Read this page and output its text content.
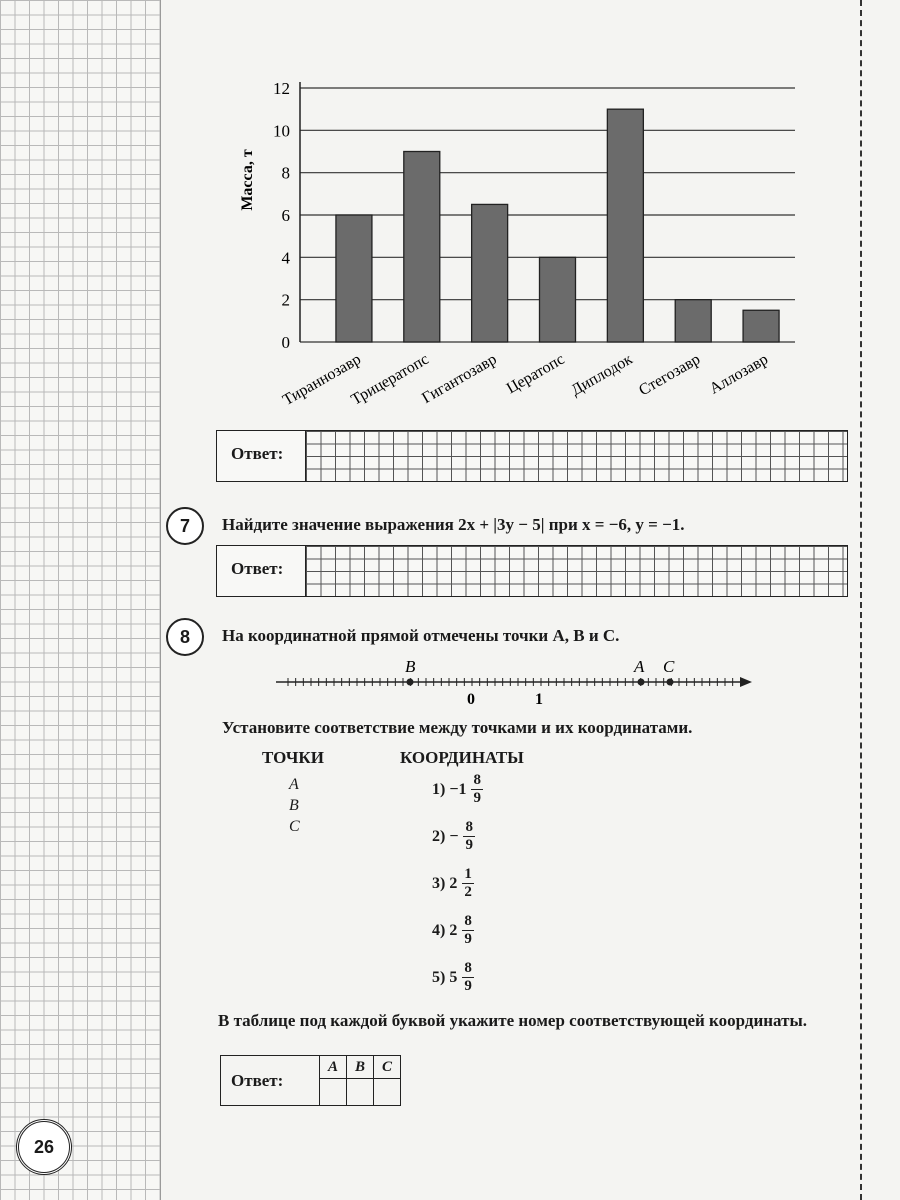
0
2
4
6
8
10
12
Масса, т
Тираннозавр
Трицератопс
Гигантозавр Цератопс Диплодок Стегозавр Аллозавр
Ответ:
7	Найдите значение выражения 2x + |3y − 5| при x = −6, y = −1.
Ответ:
8	На координатной прямой отмечены точки A, B и C.
B	A C
0	1
Установите соответствие между точками и их координатами.
ТОЧКИ	КООРДИНАТЫ
A
B
C
$1) -1 \frac{8}{9}$
$2) - \frac{8}{9}$
3) $2 \frac{1}{2}$
4) $2 \frac{8}{9}$
5) $5 \frac{8}{9}$
В таблице под каждой буквой укажите номер соответствующей координаты.
Ответ:	A	B	C

26
